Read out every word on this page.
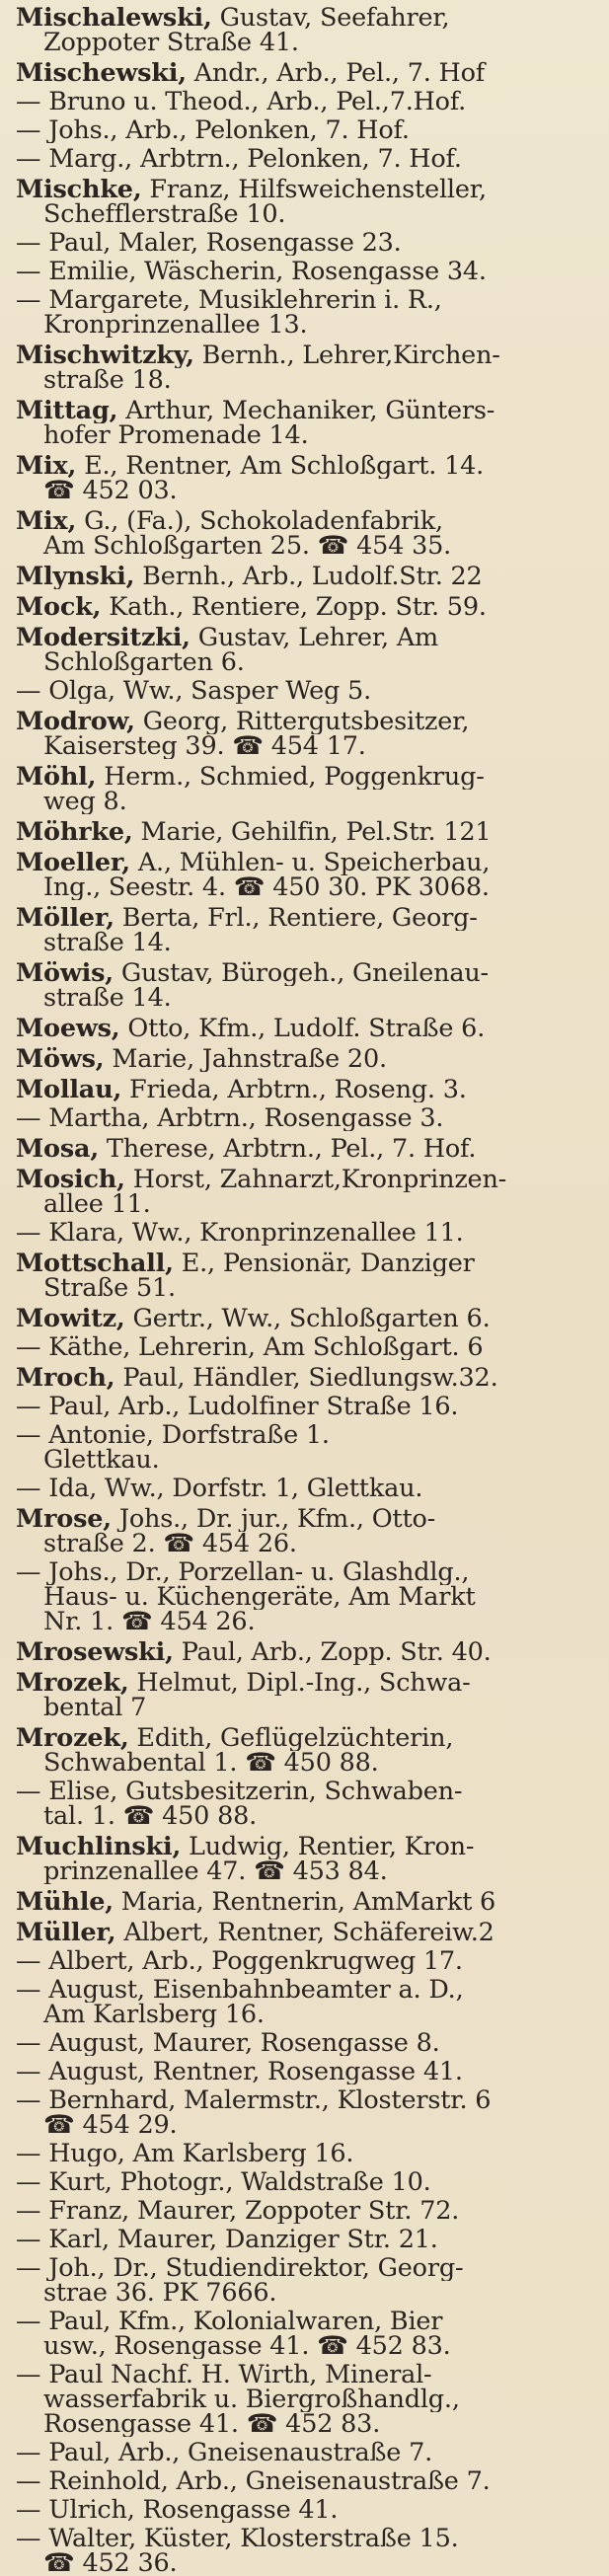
Mischalewski, Gustav, Seefahrer,
Zoppoter Straße 41.
Mischewski, Andr., Arb., Pel., 7. Hof
— Bruno u. Theod., Arb., Pel.,7.Hof.
— Johs., Arb., Pelonken, 7. Hof.
— Marg., Arbtrn., Pelonken, 7. Hof.
Mischke, Franz, Hilfsweichensteller,
Schefflerstraße 10.
— Paul, Maler, Rosengasse 23.
— Emilie, Wäscherin, Rosengasse 34.
— Margarete, Musiklehrerin i. R.,
Kronprinzenallee 13.
Mischwitzky, Bernh., Lehrer,Kirchen-
straße 18.
Mittag, Arthur, Mechaniker, Günters-
hofer Promenade 14.
Mix, E., Rentner, Am Schloßgart. 14.
☎ 452 03.
Mix, G., (Fa.), Schokoladenfabrik,
Am Schloßgarten 25. ☎ 454 35.
Mlynski, Bernh., Arb., Ludolf.Str. 22
Mock, Kath., Rentiere, Zopp. Str. 59.
Modersitzki, Gustav, Lehrer, Am
Schloßgarten 6.
— Olga, Ww., Sasper Weg 5.
Modrow, Georg, Rittergutsbesitzer,
Kaisersteg 39. ☎ 454 17.
Möhl, Herm., Schmied, Poggenkrug-
weg 8.
Möhrke, Marie, Gehilfin, Pel.Str. 121
Moeller, A., Mühlen- u. Speicherbau,
Ing., Seestr. 4. ☎ 450 30. PK 3068.
Möller, Berta, Frl., Rentiere, Georg-
straße 14.
Möwis, Gustav, Bürogeh., Gneilenau-
straße 14.
Moews, Otto, Kfm., Ludolf. Straße 6.
Möws, Marie, Jahnstraße 20.
Mollau, Frieda, Arbtrn., Roseng. 3.
— Martha, Arbtrn., Rosengasse 3.
Mosa, Therese, Arbtrn., Pel., 7. Hof.
Mosich, Horst, Zahnarzt,Kronprinzen-
allee 11.
— Klara, Ww., Kronprinzenallee 11.
Mottschall, E., Pensionär, Danziger
Straße 51.
Mowitz, Gertr., Ww., Schloßgarten 6.
— Käthe, Lehrerin, Am Schloßgart. 6
Mroch, Paul, Händler, Siedlungsw.32.
— Paul, Arb., Ludolfiner Straße 16.
— Antonie, Dorfstraße 1.
Glettkau.
— Ida, Ww., Dorfstr. 1, Glettkau.
Mrose, Johs., Dr. jur., Kfm., Otto-
straße 2. ☎ 454 26.
— Johs., Dr., Porzellan- u. Glashdlg.,
Haus- u. Küchengeräte, Am Markt
Nr. 1. ☎ 454 26.
Mrosewski, Paul, Arb., Zopp. Str. 40.
Mrozek, Helmut, Dipl.-Ing., Schwa-
bental 7
Mrozek, Edith, Geflügelzüchterin,
Schwabental 1. ☎ 450 88.
— Elise, Gutsbesitzerin, Schwaben-
tal. 1. ☎ 450 88.
Muchlinski, Ludwig, Rentier, Kron-
prinzenallee 47. ☎ 453 84.
Mühle, Maria, Rentnerin, AmMarkt 6
Müller, Albert, Rentner, Schäfereiw.2
— Albert, Arb., Poggenkrugweg 17.
— August, Eisenbahnbeamter a. D.,
Am Karlsberg 16.
— August, Maurer, Rosengasse 8.
— August, Rentner, Rosengasse 41.
— Bernhard, Malermstr., Klosterstr. 6
☎ 454 29.
— Hugo, Am Karlsberg 16.
— Kurt, Photogr., Waldstraße 10.
— Franz, Maurer, Zoppoter Str. 72.
— Karl, Maurer, Danziger Str. 21.
— Joh., Dr., Studiendirektor, Georg-
strae 36. PK 7666.
— Paul, Kfm., Kolonialwaren, Bier
usw., Rosengasse 41. ☎ 452 83.
— Paul Nachf. H. Wirth, Mineral-
wasserfabrik u. Biergroßhandlg.,
Rosengasse 41. ☎ 452 83.
— Paul, Arb., Gneisenaustraße 7.
— Reinhold, Arb., Gneisenaustraße 7.
— Ulrich, Rosengasse 41.
— Walter, Küster, Klosterstraße 15.
☎ 452 36.
